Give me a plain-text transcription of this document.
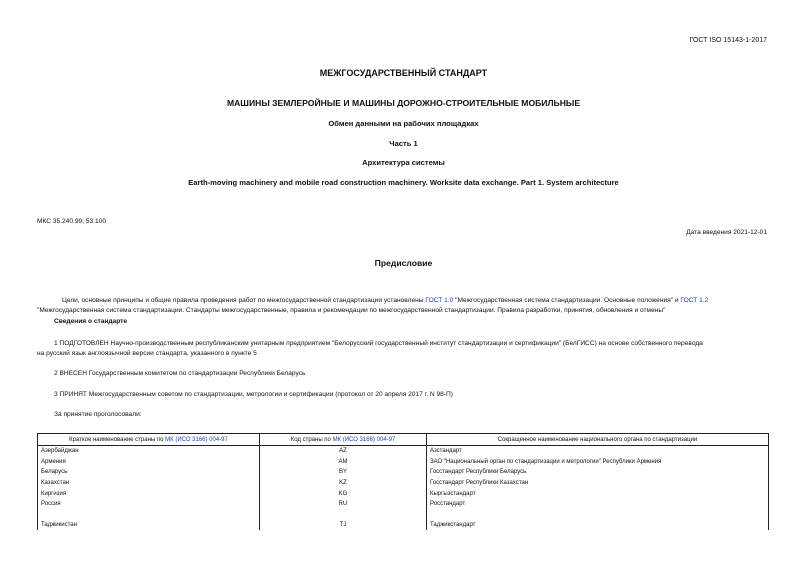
ГОСТ ISO 15143-1-2017
МЕЖГОСУДАРСТВЕННЫЙ СТАНДАРТ
МАШИНЫ ЗЕМЛЕРОЙНЫЕ И МАШИНЫ ДОРОЖНО-СТРОИТЕЛЬНЫЕ МОБИЛЬНЫЕ
Обмен данными на рабочих площадках
Часть 1
Архитектура системы
Earth-moving machinery and mobile road construction machinery. Worksite data exchange. Part 1. System architecture
МКС 35.240.99; 53.100
Дата введения 2021-12-01
Предисловие
Цели, основные принципы и общие правила проведения работ по межгосударственной стандартизации установлены ГОСТ 1.0 "Межгосударственная система стандартизации. Основные положения" и ГОСТ 1.2
"Межгосударственная система стандартизации. Стандарты межгосударственные, правила и рекомендации по межгосударственной стандартизации. Правила разработки, принятия, обновления и отмены"
Сведения о стандарте
1 ПОДГОТОВЛЕН Научно-производственным республиканским унитарным предприятием "Белорусский государственный институт стандартизации и сертификации" (БелГИСС) на основе собственного перевода
на русский язык англоязычной версии стандарта, указанного в пункте 5
2 ВНЕСЕН Государственным комитетом по стандартизации Республики Беларусь
3 ПРИНЯТ Межгосударственным советом по стандартизации, метрологии и сертификации (протокол от 20 апреля 2017 г. N 98-П)
За принятие проголосовали:
Краткое наименование страны по МК (ИСО 3166) 004-97	Код страны по МК (ИСО 3166) 004-97	Сокращенное наименование национального органа по стандартизации
Азербайджан	AZ	Азстандарт
Армения	AM	ЗАО "Национальный орган по стандартизации и метрологии" Республики Армения
Беларусь	BY	Госстандарт Республики Беларусь
Казахстан	KZ	Госстандарт Республики Казахстан
Киргизия	KG	Кыргызстандарт
Россия	RU	Росстандарт

Таджикистан	TJ	Таджикстандарт
